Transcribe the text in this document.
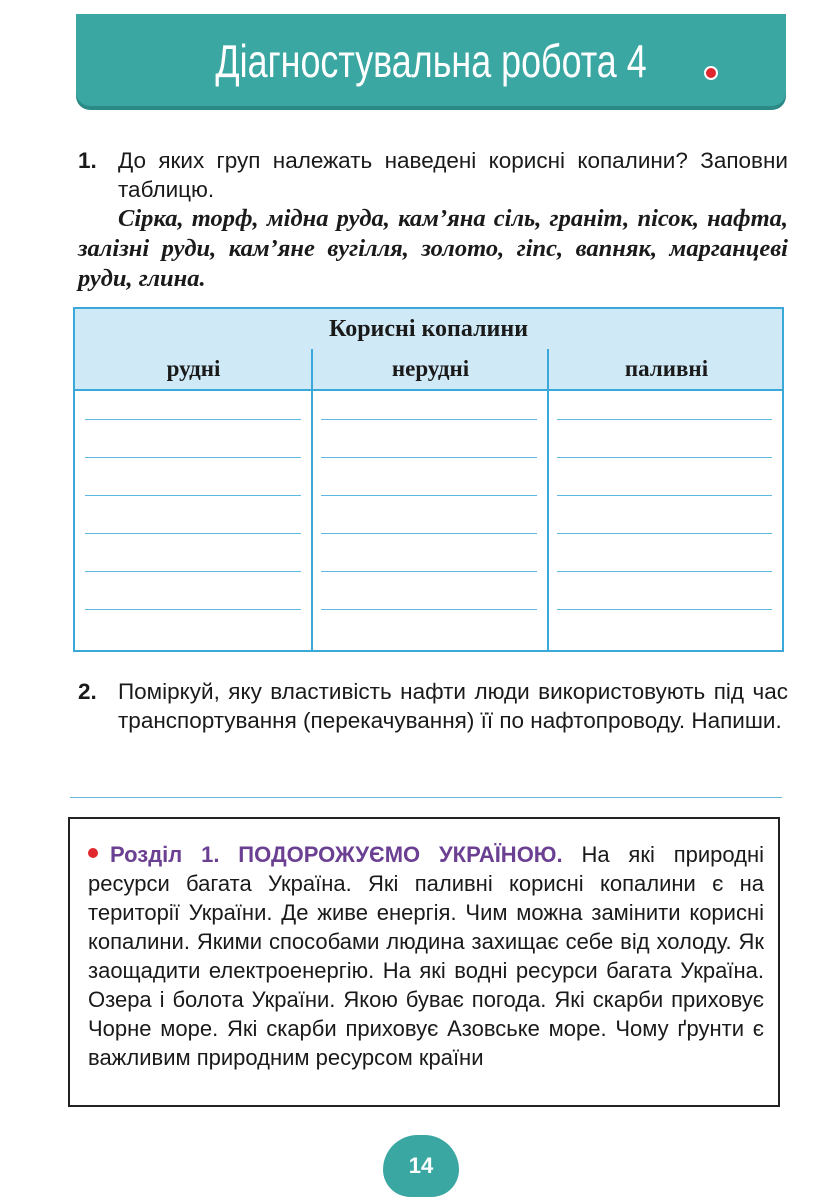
Діагностувальна робота 4
1. До яких груп належать наведені корисні копалини? Заповни таблицю.
Сірка, торф, мідна руда, кам’яна сіль, граніт, пісок, нафта, залізні руди, кам’яне вугілля, золото, гіпс, вапняк, марганцеві руди, глина.
Корисні копалини
рудні	нерудні	паливні
2. Поміркуй, яку властивість нафти люди використовують під час транспортування (перекачування) її по нафтопроводу. Напиши.
Розділ 1. ПОДОРОЖУЄМО УКРАЇНОЮ. На які природні ресурси багата Україна. Які паливні корисні копалини є на території України. Де живе енергія. Чим можна замінити корисні копалини. Якими способами людина захищає себе від холоду. Як заощадити електроенергію. На які водні ресурси багата Україна. Озера і болота України. Якою буває погода. Які скарби приховує Чорне море. Які скарби приховує Азовське море. Чому ґрунти є важливим природним ресурсом країни
14
